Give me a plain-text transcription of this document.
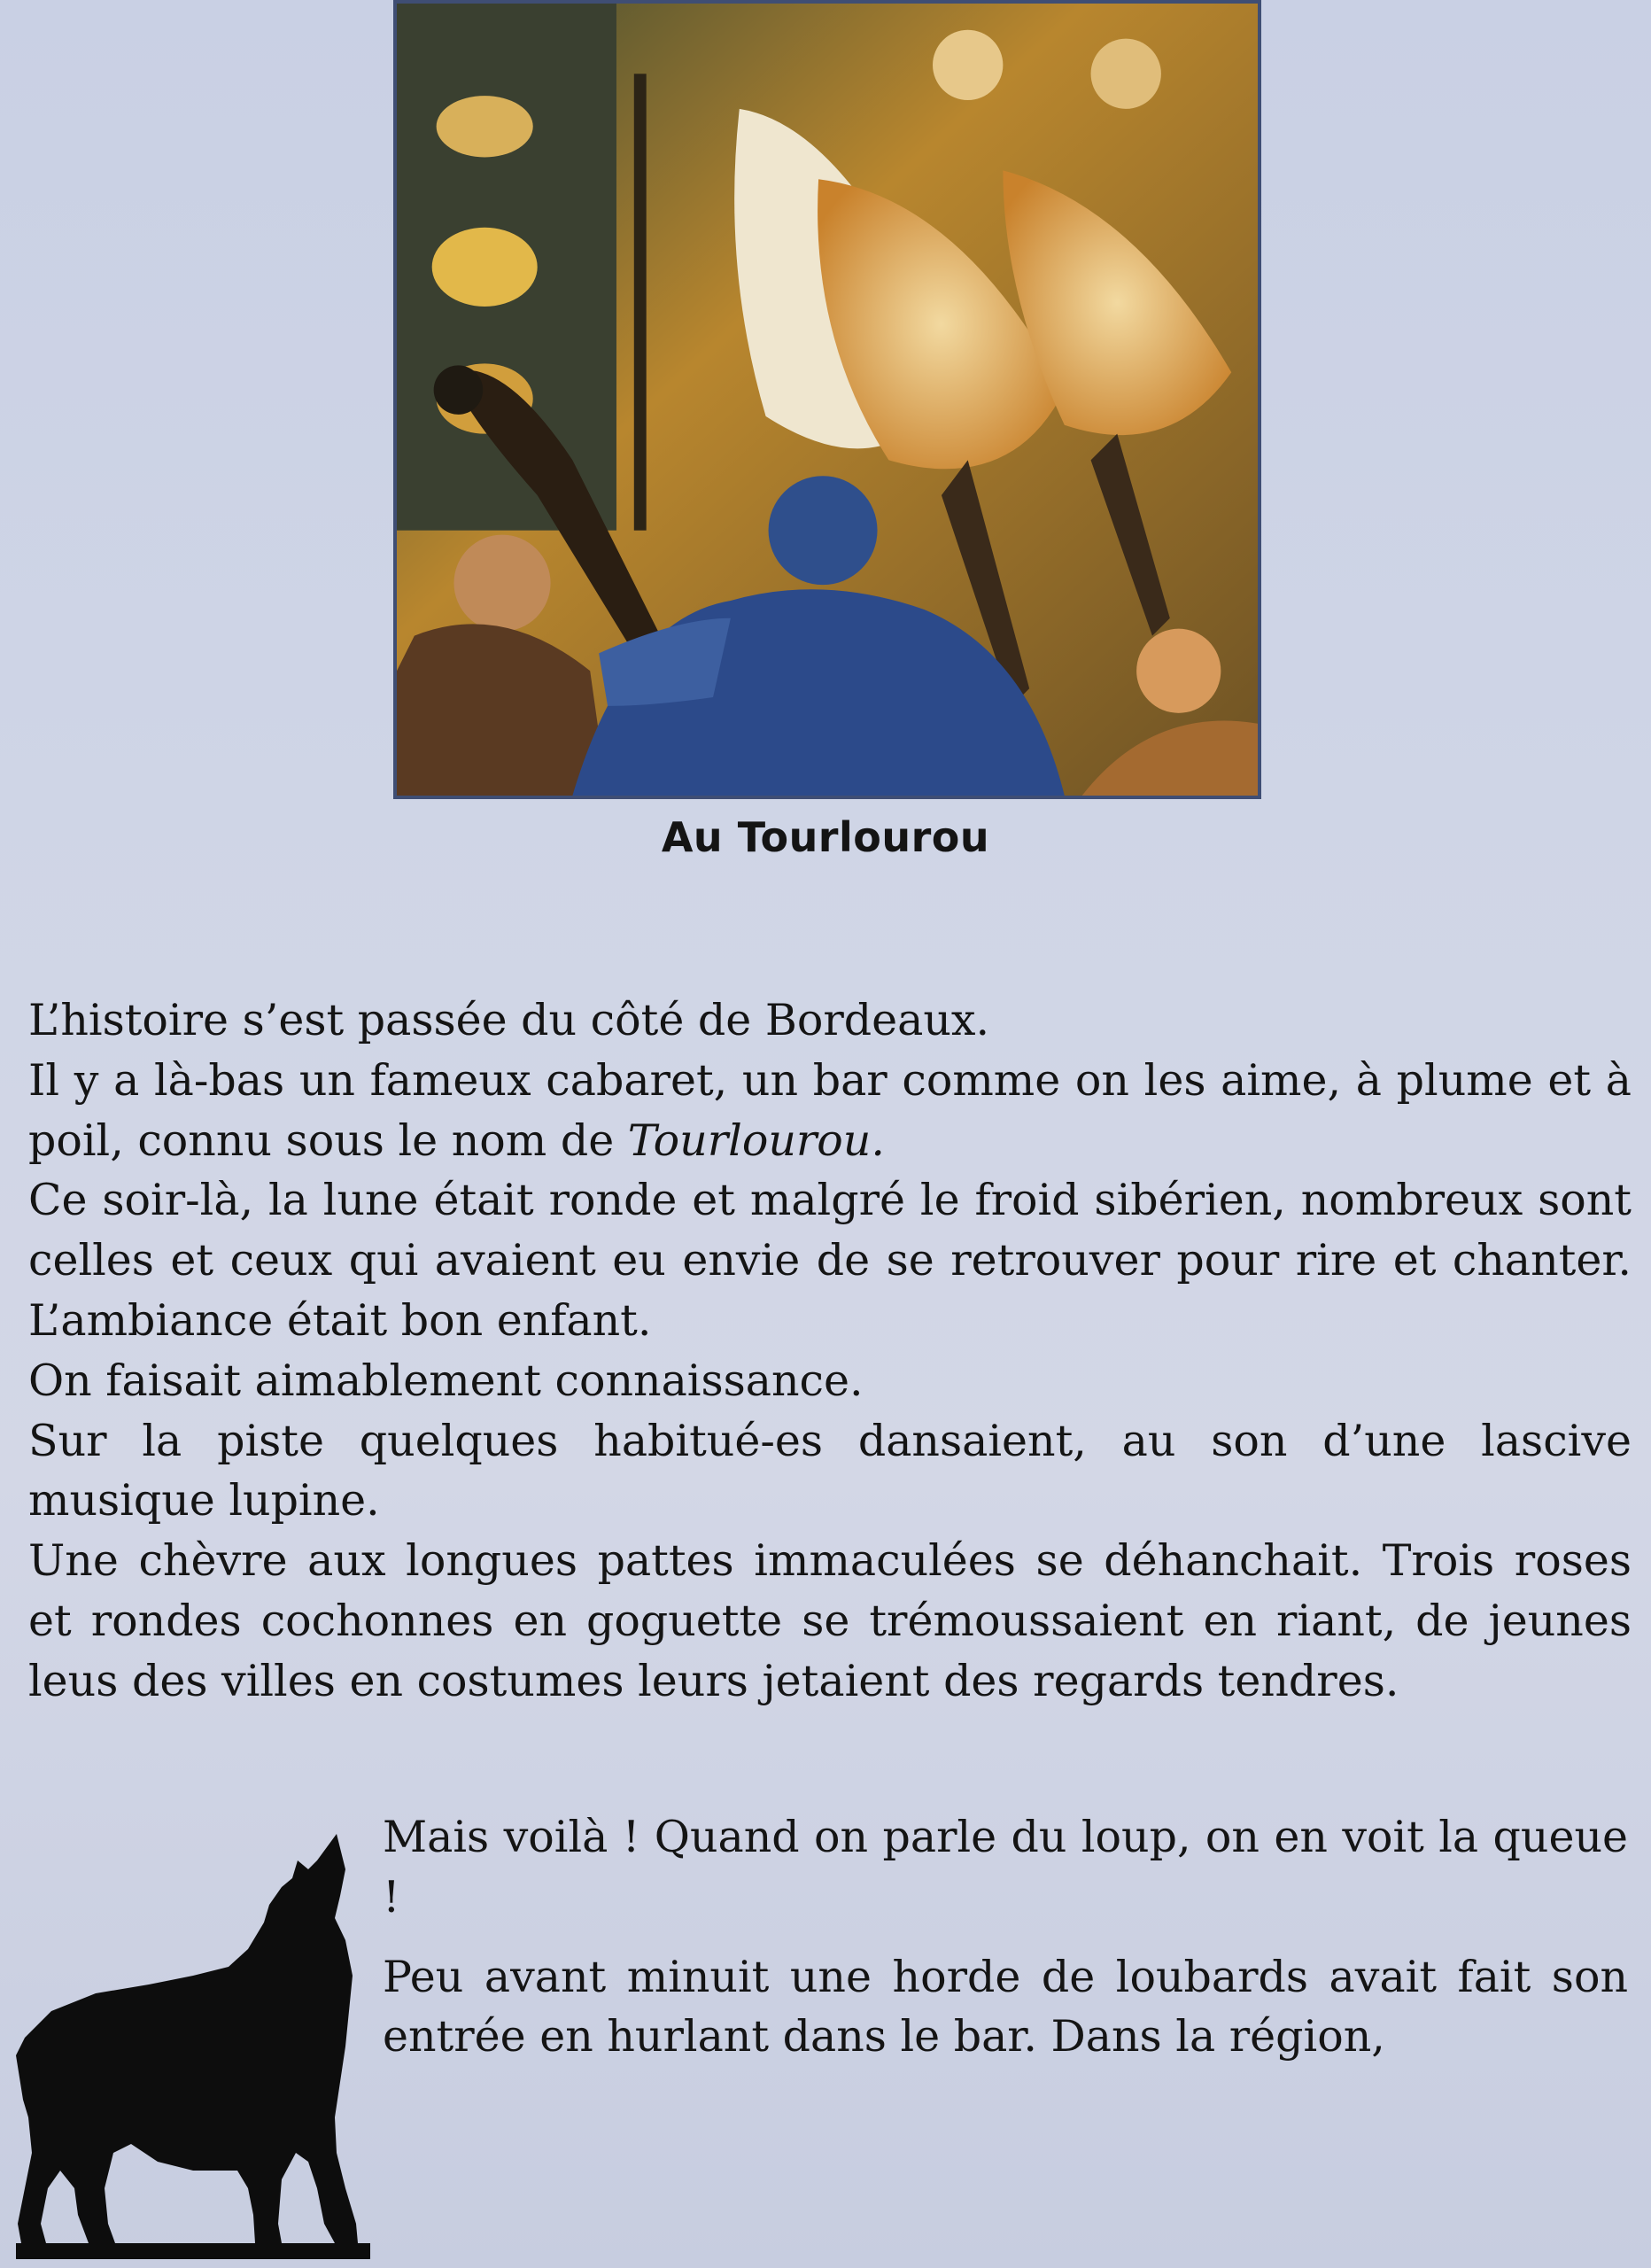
Au Tourlourou

L’histoire s’est passée du côté de Bordeaux.

Il y a là-bas un fameux cabaret, un bar comme on les aime, à plume et à poil, connu sous le nom de Tourlourou.

Ce soir-là, la lune était ronde et malgré le froid sibérien, nombreux sont celles et ceux qui avaient eu envie de se retrouver pour rire et chanter. L’ambiance était bon enfant.

On faisait aimablement connaissance.

Sur la piste quelques habitué-es dansaient, au son d’une lascive musique lupine.

Une chèvre aux longues pattes immaculées se déhanchait. Trois roses et rondes cochonnes en goguette se trémoussaient en riant, de jeunes leus des villes en costumes leurs jetaient des regards tendres.

Mais voilà ! Quand on parle du loup, on en voit la queue !

Peu avant minuit une horde de loubards avait fait son entrée en hurlant dans le bar. Dans la région,
